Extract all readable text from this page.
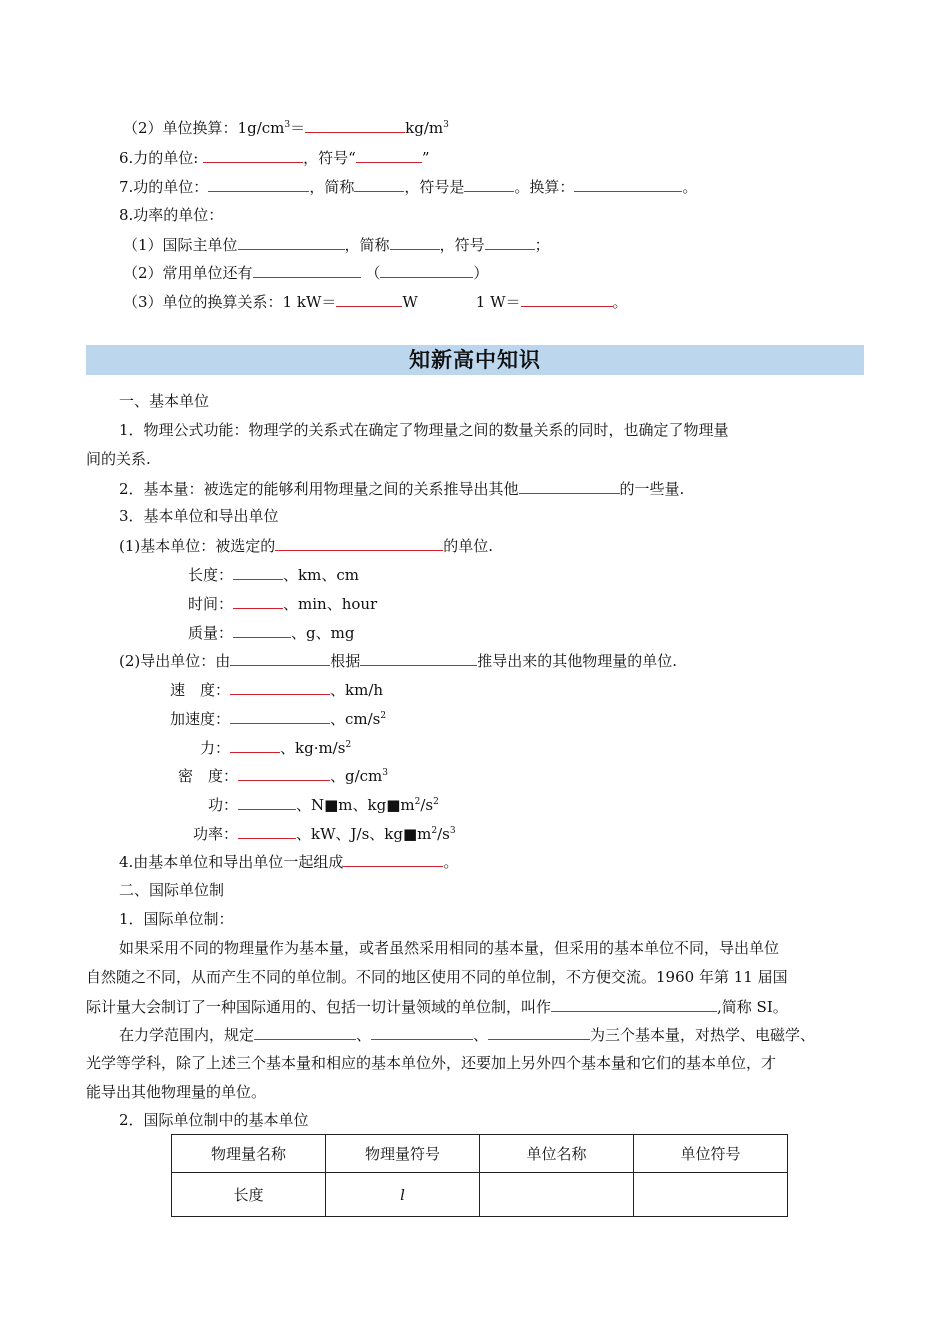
（2）单位换算：$1g/cm^3=$	$kg/m^3$
6.力的单位:	，符号“	”
7.功的单位：	，简称	，符号是	。换算：	。
8.功率的单位：
（1）国际主单位	，简称	，符号	；
（2）常用单位还有	（	）
（3）单位的换算关系：1 kW＝	W	1 W＝	。
知新高中知识
一、基本单位
1．物理公式功能：物理学的关系式在确定了物理量之间的数量关系的同时，也确定了物理量
间的关系.
2．基本量：被选定的能够利用物理量之间的关系推导出其他	的一些量.
3．基本单位和导出单位
(1)基本单位：被选定的	的单位.
长度：	、km、cm
时间：	、min、hour
质量：	、g、mg
(2)导出单位：由	根据	推导出来的其他物理量的单位.
速　度：	、km/h
加速度：	、$cm/s^2$
力：	、$kg\cdot m/s^2$
密　度：	、$g/cm^3$
功：	、N■m、$kg■m^2/s^2$
功率：	、kW、J/s、$kg■m^2/s^3$
4.由基本单位和导出单位一起组成	。
二、国际单位制
1．国际单位制：
如果采用不同的物理量作为基本量，或者虽然采用相同的基本量，但采用的基本单位不同，导出单位
自然随之不同，从而产生不同的单位制。不同的地区使用不同的单位制，不方便交流。1960 年第 11 届国
际计量大会制订了一种国际通用的、包括一切计量领域的单位制，叫作	,简称 SI。
在力学范围内，规定	、	、	为三个基本量，对热学、电磁学、
光学等学科，除了上述三个基本量和相应的基本单位外，还要加上另外四个基本量和它们的基本单位，才
能导出其他物理量的单位。
2．国际单位制中的基本单位
物理量名称	物理量符号	单位名称	单位符号
长度	l		
